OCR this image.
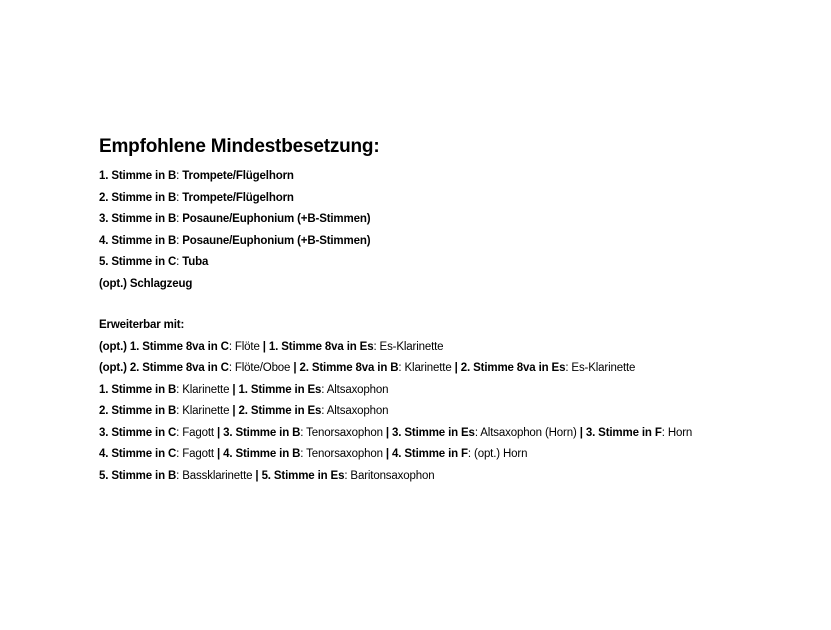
Empfohlene Mindestbesetzung:
1. Stimme in B: Trompete/Flügelhorn
2. Stimme in B: Trompete/Flügelhorn
3. Stimme in B: Posaune/Euphonium (+B-Stimmen)
4. Stimme in B: Posaune/Euphonium (+B-Stimmen)
5. Stimme in C: Tuba
(opt.) Schlagzeug
Erweiterbar mit:
(opt.) 1. Stimme 8va in C: Flöte | 1. Stimme 8va in Es: Es-Klarinette
(opt.) 2. Stimme 8va in C: Flöte/Oboe | 2. Stimme 8va in B: Klarinette | 2. Stimme 8va in Es: Es-Klarinette
1. Stimme in B: Klarinette | 1. Stimme in Es: Altsaxophon
2. Stimme in B: Klarinette | 2. Stimme in Es: Altsaxophon
3. Stimme in C: Fagott | 3. Stimme in B: Tenorsaxophon | 3. Stimme in Es: Altsaxophon (Horn) | 3. Stimme in F: Horn
4. Stimme in C: Fagott | 4. Stimme in B: Tenorsaxophon | 4. Stimme in F: (opt.) Horn
5. Stimme in B: Bassklarinette | 5. Stimme in Es: Baritonsaxophon
